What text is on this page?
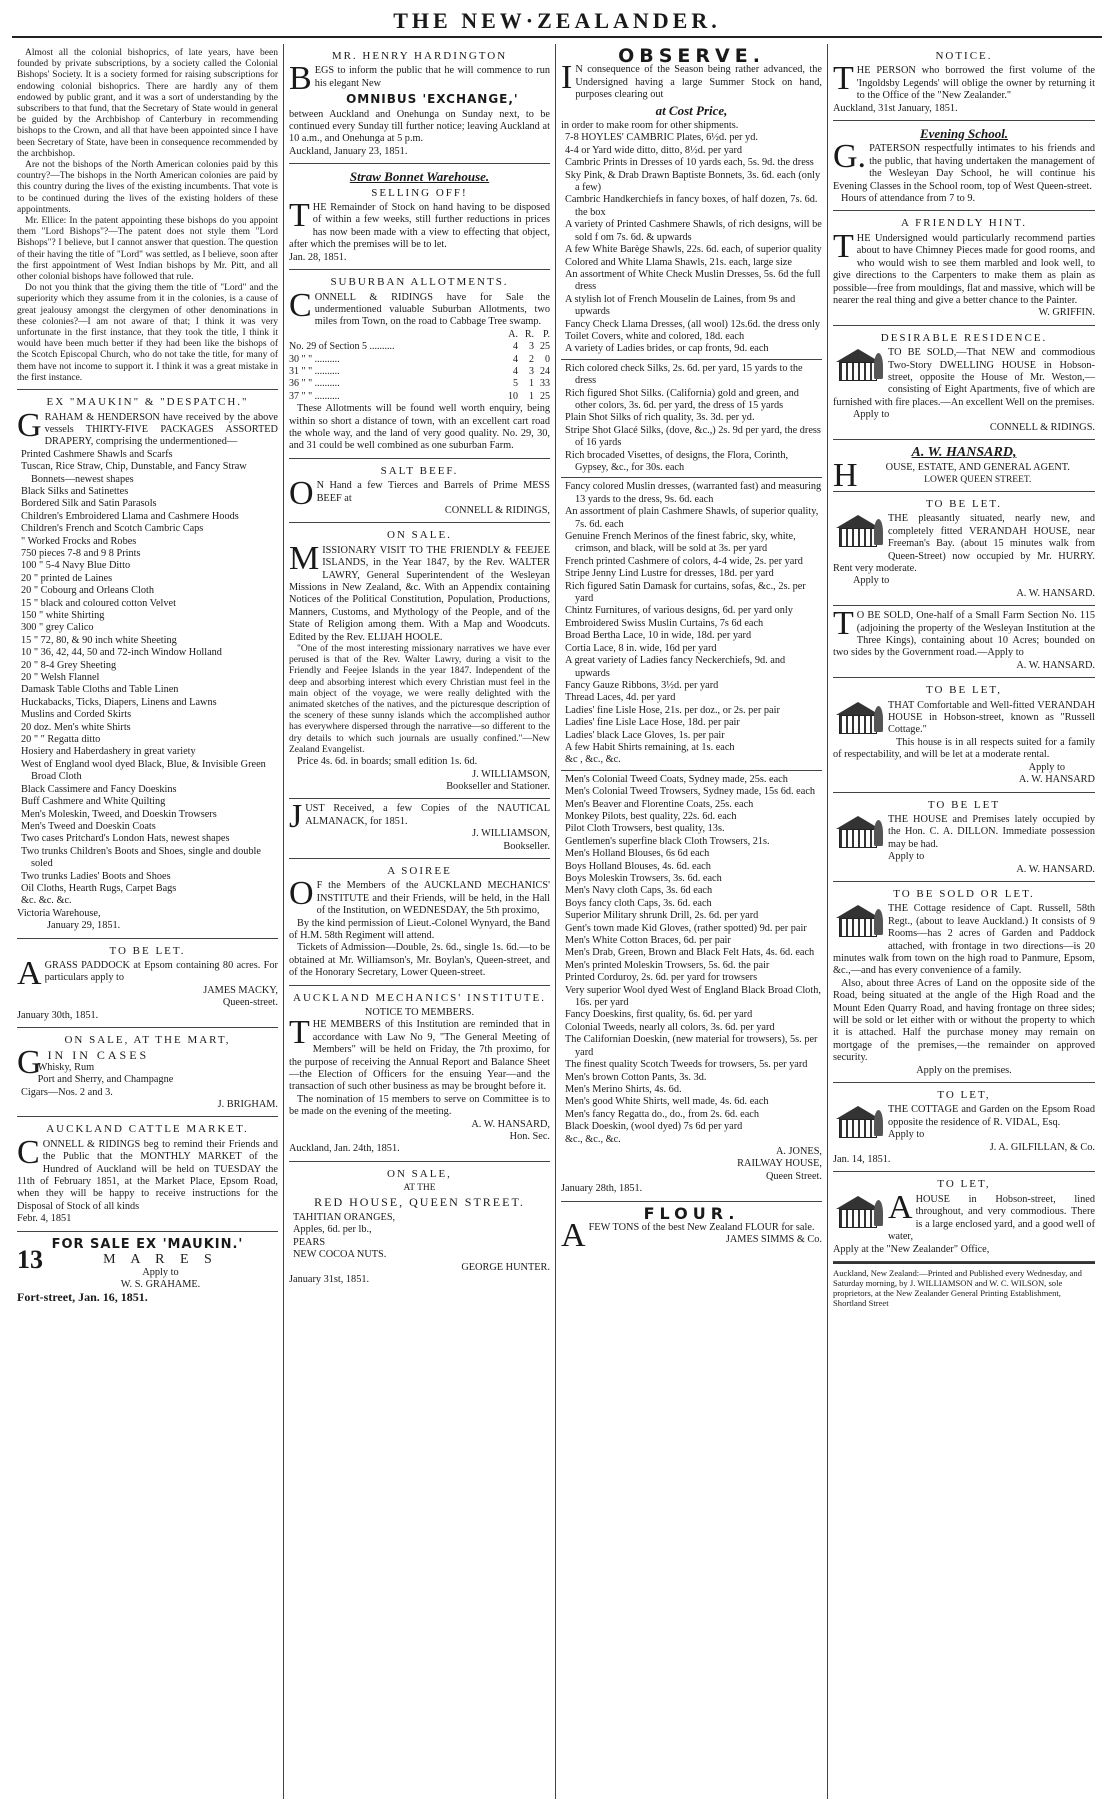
THE NEW·ZEALANDER.

Almost all the colonial bishoprics, of late years, have been founded by private subscriptions, by a society called the Colonial Bishops' Society. It is a society formed for raising subscriptions for endowing colonial bishoprics. There are hardly any of them endowed by public grant, and it was a sort of understanding by the subscribers to that fund, that the Secretary of State would in general be guided by the Archbishop of Canterbury in recommending bishops to the Crown, and all that have been appointed since I have been Secretary of State, have been in consequence recommended by the archbishop.

Are not the bishops of the North American colonies paid by this country?—The bishops in the North American colonies are paid by this country during the lives of the existing incumbents. That vote is to be continued during the lives of the existing holders of these appointments.

Mr. Ellice: In the patent appointing these bishops do you appoint them "Lord Bishops"?—The patent does not style them "Lord Bishops"? I believe, but I cannot answer that question. The question of their having the title of "Lord" was settled, as I believe, soon after the first appointment of West Indian bishops by Mr. Pitt, and all other colonial bishops have followed that rule.

Do not you think that the giving them the title of "Lord" and the superiority which they assume from it in the colonies, is a cause of great jealousy amongst the clergymen of other denominations in these colonies?—I am not aware of that; I think it was very unfortunate in the first instance, that they took the title, I think it would have been much better if they had been like the bishops of the Scotch Episcopal Church, who do not take the title, for many of them have not income to support it. I think it was a great mistake in the first instance.

EX "MAUKIN" & "DESPATCH."

GRAHAM & HENDERSON have received by the above vessels THIRTY-FIVE PACKAGES ASSORTED DRAPERY, comprising the undermentioned—

Printed Cashmere Shawls and Scarfs
Tuscan, Rice Straw, Chip, Dunstable, and Fancy Straw Bonnets—newest shapes
Black Silks and Satinettes
Bordered Silk and Satin Parasols
Children's Embroidered Llama and Cashmere Hoods
Children's French and Scotch Cambric Caps
" Worked Frocks and Robes
750 pieces 7-8 and 9 8 Prints
100 " 5-4 Navy Blue Ditto
20 " printed de Laines
20 " Cobourg and Orleans Cloth
15 " black and coloured cotton Velvet
150 " white Shirting
300 " grey Calico
15 " 72, 80, & 90 inch white Sheeting
10 " 36, 42, 44, 50 and 72-inch Window Holland
20 " 8-4 Grey Sheeting
20 " Welsh Flannel
Damask Table Cloths and Table Linen
Huckabacks, Ticks, Diapers, Linens and Lawns
Muslins and Corded Skirts
20 doz. Men's white Shirts
20 " " Regatta ditto
Hosiery and Haberdashery in great variety
West of England wool dyed Black, Blue, & Invisible Green Broad Cloth
Black Cassimere and Fancy Doeskins
Buff Cashmere and White Quilting
Men's Moleskin, Tweed, and Doeskin Trowsers
Men's Tweed and Doeskin Coats
Two cases Pritchard's London Hats, newest shapes
Two trunks Children's Boots and Shoes, single and double soled
Two trunks Ladies' Boots and Shoes
Oil Cloths, Hearth Rugs, Carpet Bags
&c. &c. &c.
Victoria Warehouse,
January 29, 1851.
TO BE LET.

AGRASS PADDOCK at Epsom containing 80 acres. For particulars apply to

JAMES MACKY,
Queen-street.
January 30th, 1851.
ON SALE, AT THE MART,
GIN IN CASES
Whisky, Rum
Port and Sherry, and Champagne
Cigars—Nos. 2 and 3.
J. BRIGHAM.
AUCKLAND CATTLE MARKET.

CONNELL & RIDINGS beg to remind their Friends and the Public that the MONTHLY MARKET of the Hundred of Auckland will be held on TUESDAY the 11th of February 1851, at the Market Place, Epsom Road, when they will be happy to receive instructions for the Disposal of Stock of all kinds

Febr. 4, 1851
FOR SALE EX 'MAUKIN.'
13	M A R E S
Apply to
W. S. GRAHAME.
Fort-street, Jan. 16, 1851.
MR. HENRY HARDINGTON

BEGS to inform the public that he will commence to run his elegant New

OMNIBUS 'EXCHANGE,'

between Auckland and Onehunga on Sunday next, to be continued every Sunday till further notice; leaving Auckland at 10 a.m., and Onehunga at 5 p.m.

Auckland, January 23, 1851.
Straw Bonnet Warehouse.
SELLING OFF!

THE Remainder of Stock on hand having to be disposed of within a few weeks, still further reductions in prices has now been made with a view to effecting that object, after which the premises will be to let.

Jan. 28, 1851.
SUBURBAN ALLOTMENTS.

CONNELL & RIDINGS have for Sale the undermentioned valuable Suburban Allotments, two miles from Town, on the road to Cabbage Tree swamp.

	A.	R.	P.
No. 29 of Section 5 ..........	4	3	25
30 " " ..........	4	2	0
31 " " ..........	4	3	24
36 " " ..........	5	1	33
37 " " ..........	10	1	25

These Allotments will be found well worth enquiry, being within so short a distance of town, with an excellent cart road the whole way, and the land of very good quality. No. 29, 30, and 31 could be well combined as one suburban Farm.

SALT BEEF.

ON Hand a few Tierces and Barrels of Prime MESS BEEF at

CONNELL & RIDINGS,
ON SALE.

MISSIONARY VISIT TO THE FRIENDLY & FEEJEE ISLANDS, in the Year 1847, by the Rev. WALTER LAWRY, General Superintendent of the Wesleyan Missions in New Zealand, &c. With an Appendix containing Notices of the Political Constitution, Population, Productions, Manners, Customs, and Mythology of the People, and of the State of Religion among them. With a Map and Woodcuts. Edited by the Rev. ELIJAH HOOLE.

"One of the most interesting missionary narratives we have ever perused is that of the Rev. Walter Lawry, during a visit to the Friendly and Feejee Islands in the year 1847. Independent of the deep and absorbing interest which every Christian must feel in the main object of the voyage, we were really delighted with the animated sketches of the natives, and the picturesque description of the scenery of these sunny islands which the accomplished author has everywhere dispersed through the narrative—so different to the dry details to which such journals are usually confined."—New Zealand Evangelist.

Price 4s. 6d. in boards; small edition 1s. 6d.

J. WILLIAMSON,
Bookseller and Stationer.

JUST Received, a few Copies of the NAUTICAL ALMANACK, for 1851.

J. WILLIAMSON,
Bookseller.
A SOIREE

OF the Members of the AUCKLAND MECHANICS' INSTITUTE and their Friends, will be held, in the Hall of the Institution, on WEDNESDAY, the 5th proximo,

By the kind permission of Lieut.-Colonel Wynyard, the Band of H.M. 58th Regiment will attend.

Tickets of Admission—Double, 2s. 6d., single 1s. 6d.—to be obtained at Mr. Williamson's, Mr. Boylan's, Queen-street, and of the Honorary Secretary, Lower Queen-street.

AUCKLAND MECHANICS' INSTITUTE.
NOTICE TO MEMBERS.

THE MEMBERS of this Institution are reminded that in accordance with Law No 9, "The General Meeting of Members" will be held on Friday, the 7th proximo, for the purpose of receiving the Annual Report and Balance Sheet—the Election of Officers for the ensuing Year—and the transaction of such other business as may be brought before it.

The nomination of 15 members to serve on Committee is to be made on the evening of the meeting.

A. W. HANSARD,
Hon. Sec.
Auckland, Jan. 24th, 1851.
ON SALE,
AT THE
RED HOUSE, QUEEN STREET.
TAHITIAN ORANGES,
Apples, 6d. per lb.,
PEARS
NEW COCOA NUTS.
GEORGE HUNTER.
January 31st, 1851.
OBSERVE.

IN consequence of the Season being rather advanced, the Undersigned having a large Summer Stock on hand, purposes clearing out

at Cost Price,

in order to make room for other shipments.

7-8 HOYLES' CAMBRIC Plates, 6½d. per yd.
4-4 or Yard wide ditto, ditto, 8½d. per yard
Cambric Prints in Dresses of 10 yards each, 5s. 9d. the dress
Sky Pink, & Drab Drawn Baptiste Bonnets, 3s. 6d. each (only a few)
Cambric Handkerchiefs in fancy boxes, of half dozen, 7s. 6d. the box
A variety of Printed Cashmere Shawls, of rich designs, will be sold f om 7s. 6d. & upwards
A few White Barège Shawls, 22s. 6d. each, of superior quality
Colored and White Llama Shawls, 21s. each, large size
An assortment of White Check Muslin Dresses, 5s. 6d the full dress
A stylish lot of French Mouselin de Laines, from 9s and upwards
Fancy Check Llama Dresses, (all wool) 12s.6d. the dress only
Toilet Covers, white and colored, 18d. each
A variety of Ladies brides, or cap fronts, 9d. each
Rich colored check Silks, 2s. 6d. per yard, 15 yards to the dress
Rich figured Shot Silks. (California) gold and green, and other colors, 3s. 6d. per yard, the dress of 15 yards
Plain Shot Silks of rich quality, 3s. 3d. per yd.
Stripe Shot Glacé Silks, (dove, &c.,) 2s. 9d per yard, the dress of 16 yards
Rich brocaded Visettes, of designs, the Flora, Corinth, Gypsey, &c., for 30s. each
Fancy colored Muslin dresses, (warranted fast) and measuring 13 yards to the dress, 9s. 6d. each
An assortment of plain Cashmere Shawls, of superior quality, 7s. 6d. each
Genuine French Merinos of the finest fabric, sky, white, crimson, and black, will be sold at 3s. per yard
French printed Cashmere of colors, 4-4 wide, 2s. per yard
Stripe Jenny Lind Lustre for dresses, 18d. per yard
Rich figured Satin Damask for curtains, sofas, &c., 2s. per yard
Chintz Furnitures, of various designs, 6d. per yard only
Embroidered Swiss Muslin Curtains, 7s 6d each
Broad Bertha Lace, 10 in wide, 18d. per yard
Cortia Lace, 8 in. wide, 16d per yard
A great variety of Ladies fancy Neckerchiefs, 9d. and upwards
Fancy Gauze Ribbons, 3½d. per yard
Thread Laces, 4d. per yard
Ladies' fine Lisle Hose, 21s. per doz., or 2s. per pair
Ladies' fine Lisle Lace Hose, 18d. per pair
Ladies' black Lace Gloves, 1s. per pair
A few Habit Shirts remaining, at 1s. each
&c , &c., &c.
Men's Colonial Tweed Coats, Sydney made, 25s. each
Men's Colonial Tweed Trowsers, Sydney made, 15s 6d. each
Men's Beaver and Florentine Coats, 25s. each
Monkey Pilots, best quality, 22s. 6d. each
Pilot Cloth Trowsers, best quality, 13s.
Gentlemen's superfine black Cloth Trowsers, 21s.
Men's Holland Blouses, 6s 6d each
Boys Holland Blouses, 4s. 6d. each
Boys Moleskin Trowsers, 3s. 6d. each
Men's Navy cloth Caps, 3s. 6d each
Boys fancy cloth Caps, 3s. 6d. each
Superior Military shrunk Drill, 2s. 6d. per yard
Gent's town made Kid Gloves, (rather spotted) 9d. per pair
Men's White Cotton Braces, 6d. per pair
Men's Drab, Green, Brown and Black Felt Hats, 4s. 6d. each
Men's printed Moleskin Trowsers, 5s. 6d. the pair
Printed Corduroy, 2s. 6d. per yard for trowsers
Very superior Wool dyed West of England Black Broad Cloth, 16s. per yard
Fancy Doeskins, first quality, 6s. 6d. per yard
Colonial Tweeds, nearly all colors, 3s. 6d. per yard
The Californian Doeskin, (new material for trowsers), 5s. per yard
The finest quality Scotch Tweeds for trowsers, 5s. per yard
Men's brown Cotton Pants, 3s. 3d.
Men's Merino Shirts, 4s. 6d.
Men's good White Shirts, well made, 4s. 6d. each
Men's fancy Regatta do., do., from 2s. 6d. each
Black Doeskin, (wool dyed) 7s 6d per yard
&c., &c., &c.
A. JONES,
RAILWAY HOUSE,
Queen Street.
January 28th, 1851.
FLOUR.

AFEW TONS of the best New Zealand FLOUR for sale.

JAMES SIMMS & Co.
NOTICE.

THE PERSON who borrowed the first volume of the 'Ingoldsby Legends' will oblige the owner by returning it to the Office of the "New Zealander."

Auckland, 31st January, 1851.
Evening School.

G.PATERSON respectfully intimates to his friends and the public, that having undertaken the management of the Wesleyan Day School, he will continue his Evening Classes in the School room, top of West Queen-street.

Hours of attendance from 7 to 9.

A FRIENDLY HINT.

THE Undersigned would particularly recommend parties about to have Chimney Pieces made for good rooms, and who would wish to see them marbled and look well, to give directions to the Carpenters to make them as plain as possible—free from mouldings, flat and massive, which will be nearer the real thing and give a better chance to the Painter.

W. GRIFFIN.
DESIRABLE RESIDENCE.

TO BE SOLD,—That NEW and commodious Two-Story DWELLING HOUSE in Hobson-street, opposite the House of Mr. Weston,—consisting of Eight Apartments, five of which are furnished with fire places.—An excellent Well on the premises.

Apply to
CONNELL & RIDINGS.
A. W. HANSARD,

HOUSE, ESTATE, AND GENERAL AGENT.

LOWER QUEEN STREET.
TO BE LET.

THE pleasantly situated, nearly new, and completely fitted VERANDAH HOUSE, near Freeman's Bay. (about 15 minutes walk from Queen-Street) now occupied by Mr. HURRY. Rent very moderate.

Apply to
A. W. HANSARD.

TO BE SOLD, One-half of a Small Farm Section No. 115 (adjoining the property of the Wesleyan Institution at the Three Kings), containing about 10 Acres; bounded on two sides by the Government road.—Apply to

A. W. HANSARD.
TO BE LET,

THAT Comfortable and Well-fitted VERANDAH HOUSE in Hobson-street, known as "Russell Cottage."

This house is in all respects suited for a family of respectability, and will be let at a moderate rental.

Apply to
A. W. HANSARD
TO BE LET

THE HOUSE and Premises lately occupied by the Hon. C. A. DILLON. Immediate possession may be had.

Apply to
A. W. HANSARD.
TO BE SOLD OR LET.

THE Cottage residence of Capt. Russell, 58th Regt., (about to leave Auckland.) It consists of 9 Rooms—has 2 acres of Garden and Paddock attached, with frontage in two directions—is 20 minutes walk from town on the high road to Panmure, Epsom, &c.,—and has every convenience of a family.

Also, about three Acres of Land on the opposite side of the Road, being situated at the angle of the High Road and the Mount Eden Quarry Road, and having frontage on three sides; will be sold or let either with or without the property to which it is attached. Half the purchase money may remain on mortgage of the premises,—the remainder on approved security.

Apply on the premises.
TO LET,

THE COTTAGE and Garden on the Epsom Road opposite the residence of R. VIDAL, Esq.

Apply to
J. A. GILFILLAN, & Co.
Jan. 14, 1851.
TO LET,

AHOUSE in Hobson-street, lined throughout, and very commodious. There is a large enclosed yard, and a good well of water,

Apply at the "New Zealander" Office,
Auckland, New Zealand:—Printed and Published every Wednesday, and Saturday morning, by J. WILLIAMSON and W. C. WILSON, sole proprietors, at the New Zealander General Printing Establishment, Shortland Street
